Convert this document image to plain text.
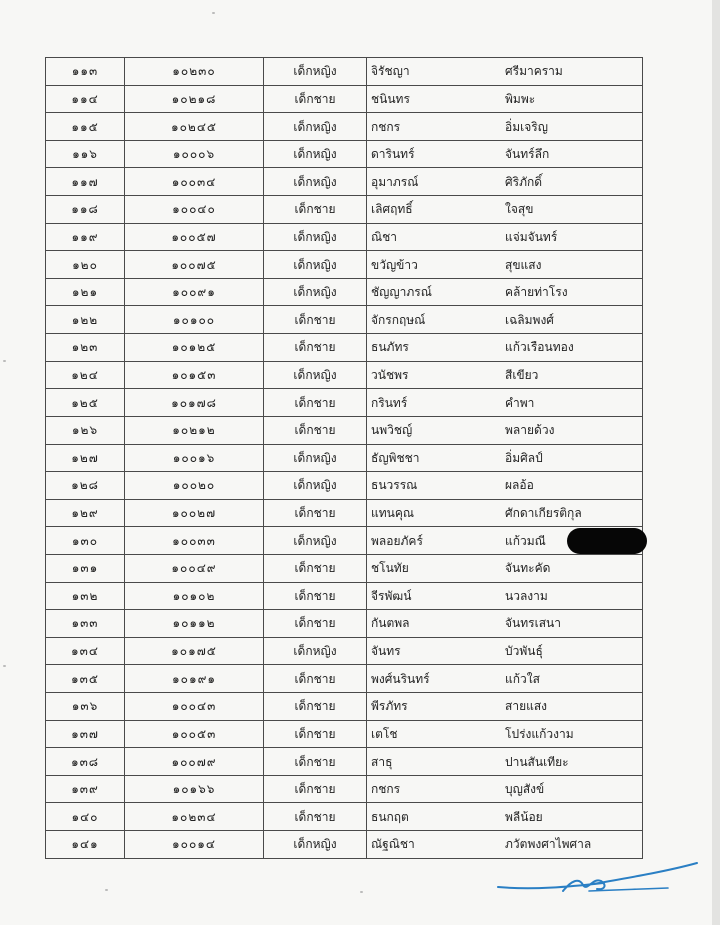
๑๑๓	๑๐๒๓๐	เด็กหญิง	จิรัชญา	ศรีมาคราม
๑๑๔	๑๐๒๑๘	เด็กชาย	ชนินทร	พิมพะ
๑๑๕	๑๐๒๔๕	เด็กหญิง	กชกร	อิ่มเจริญ
๑๑๖	๑๐๐๐๖	เด็กหญิง	ดารินทร์	จันทร์ลึก
๑๑๗	๑๐๐๓๔	เด็กหญิง	อุมาภรณ์	ศิริภักดิ์
๑๑๘	๑๐๐๔๐	เด็กชาย	เลิศฤทธิ์	ใจสุข
๑๑๙	๑๐๐๕๗	เด็กหญิง	ณิชา	แจ่มจันทร์
๑๒๐	๑๐๐๗๕	เด็กหญิง	ขวัญข้าว	สุขแสง
๑๒๑	๑๐๐๙๑	เด็กหญิง	ชัญญาภรณ์	คล้ายท่าโรง
๑๒๒	๑๐๑๐๐	เด็กชาย	จักรกฤษณ์	เฉลิมพงศ์
๑๒๓	๑๐๑๒๕	เด็กชาย	ธนภัทร	แก้วเรือนทอง
๑๒๔	๑๐๑๕๓	เด็กหญิง	วนัชพร	สีเขียว
๑๒๕	๑๐๑๗๘	เด็กชาย	กรินทร์	คำพา
๑๒๖	๑๐๒๑๒	เด็กชาย	นพวิชญ์	พลายด้วง
๑๒๗	๑๐๐๑๖	เด็กหญิง	ธัญพิชชา	อิ่มศิลป์
๑๒๘	๑๐๐๒๐	เด็กหญิง	ธนวรรณ	ผลอ้อ
๑๒๙	๑๐๐๒๗	เด็กชาย	แทนคุณ	ศักดาเกียรติกุล
๑๓๐	๑๐๐๓๓	เด็กหญิง	พลอยภัคร์	แก้วมณี
๑๓๑	๑๐๐๔๙	เด็กชาย	ชโนทัย	จันทะคัด
๑๓๒	๑๐๑๐๒	เด็กชาย	จีรพัฒน์	นวลงาม
๑๓๓	๑๐๑๑๒	เด็กชาย	กันตพล	จันทรเสนา
๑๓๔	๑๐๑๗๕	เด็กหญิง	จันทร	บัวพันธุ์
๑๓๕	๑๐๑๙๑	เด็กชาย	พงศ์นรินทร์	แก้วใส
๑๓๖	๑๐๐๔๓	เด็กชาย	พีรภัทร	สายแสง
๑๓๗	๑๐๐๕๓	เด็กชาย	เตโช	โปร่งแก้วงาม
๑๓๘	๑๐๐๗๙	เด็กชาย	สาธุ	ปานสันเทียะ
๑๓๙	๑๐๑๖๖	เด็กชาย	กชกร	บุญสังข์
๑๔๐	๑๐๒๓๔	เด็กชาย	ธนกฤต	พลีน้อย
๑๔๑	๑๐๐๑๔	เด็กหญิง	ณัฐณิชา	ภวัตพงศาไพศาล
